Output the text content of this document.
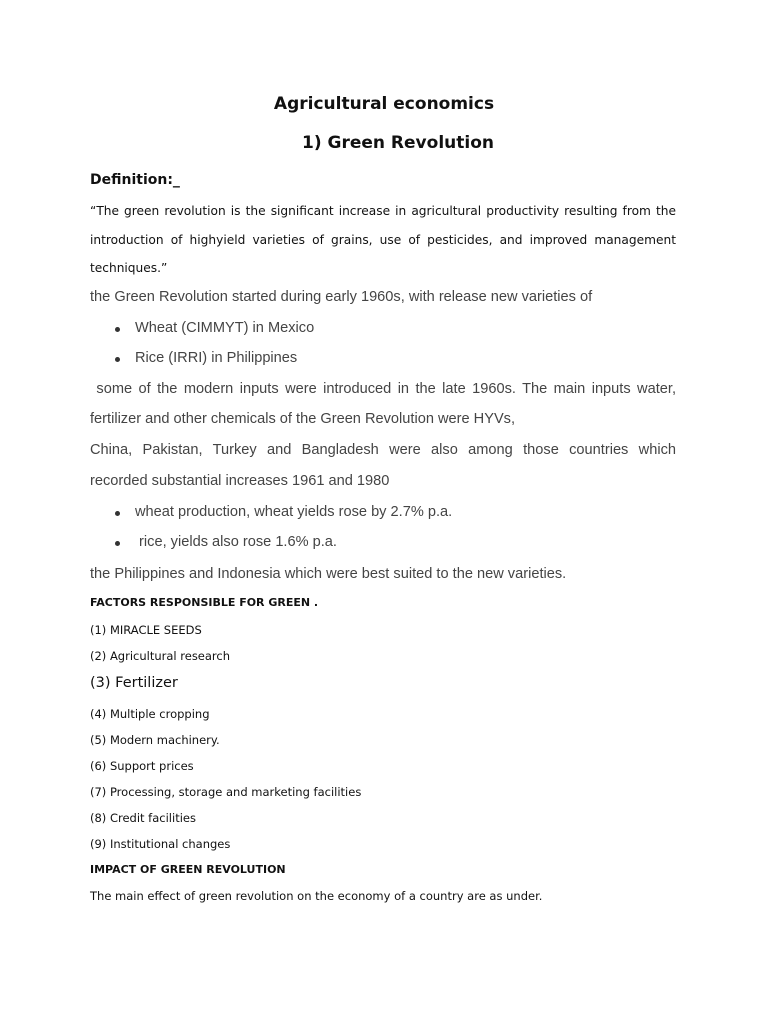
Agricultural economics
1) Green Revolution
Definition:_
“The green revolution is the significant increase in agricultural productivity resulting from the
introduction of highyield varieties of grains, use of pesticides, and improved management
techniques.”
the Green Revolution started during early 1960s, with release new varieties of
Wheat (CIMMYT) in Mexico
Rice (IRRI) in Philippines
some of the modern inputs were introduced in the late 1960s. The main inputs water,
fertilizer and other chemicals of the Green Revolution were HYVs,
China, Pakistan, Turkey and Bangladesh were also among those countries which
recorded substantial increases 1961 and 1980
wheat production, wheat yields rose by 2.7% p.a.
rice, yields also rose 1.6% p.a.
the Philippines and Indonesia which were best suited to the new varieties.
FACTORS RESPONSIBLE FOR GREEN .
(1) MIRACLE SEEDS
(2) Agricultural research
(3) Fertilizer
(4) Multiple cropping
(5) Modern machinery.
(6) Support prices
(7) Processing, storage and marketing facilities
(8) Credit facilities
(9) Institutional changes
IMPACT OF GREEN REVOLUTION
The main effect of green revolution on the economy of a country are as under.
